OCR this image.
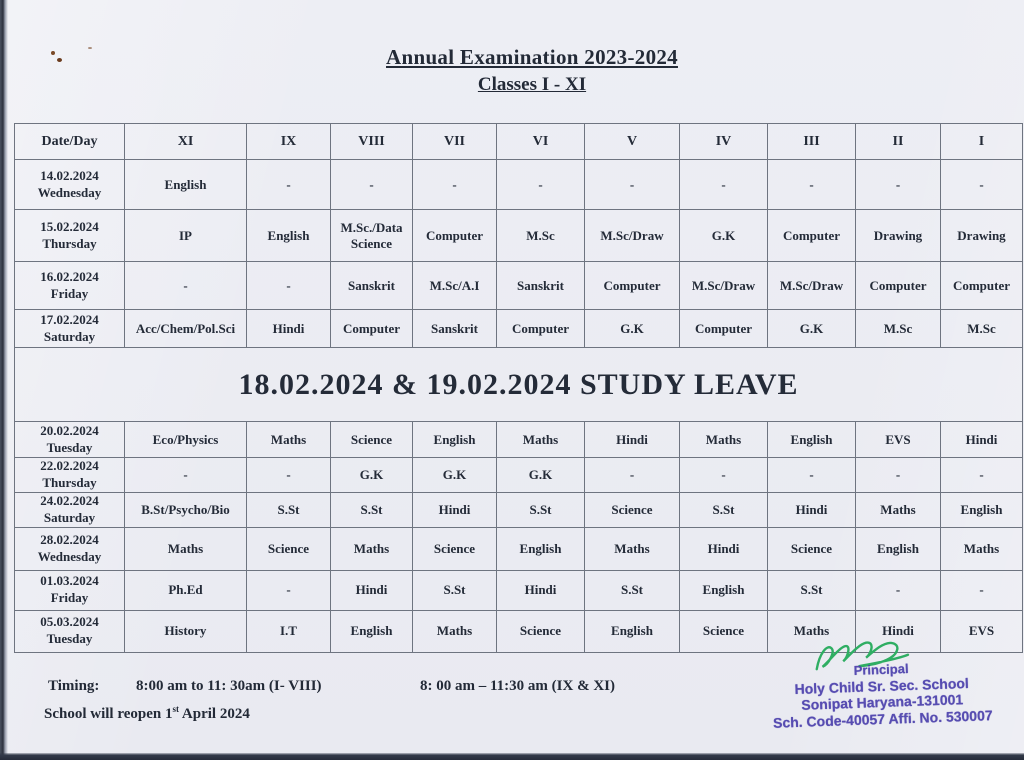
Annual Examination 2023-2024
Classes I - XI
Date/Day	XI	IX	VIII	VII	VI	V	IV	III	II	I

14.02.2024
Wednesday	English	-	-	-	-	-	-	-	-	-

15.02.2024
Thursday	IP	English	M.Sc./Data Science	Computer	M.Sc	M.Sc/Draw	G.K	Computer	Drawing	Drawing

16.02.2024
Friday	-	-	Sanskrit	M.Sc/A.I	Sanskrit	Computer	M.Sc/Draw	M.Sc/Draw	Computer	Computer

17.02.2024
Saturday	Acc/Chem/Pol.Sci	Hindi	Computer	Sanskrit	Computer	G.K	Computer	G.K	M.Sc	M.Sc
18.02.2024 & 19.02.2024 STUDY LEAVE										

20.02.2024
Tuesday	Eco/Physics	Maths	Science	English	Maths	Hindi	Maths	English	EVS	Hindi

22.02.2024
Thursday	-	-	G.K	G.K	G.K	-	-	-	-	-

24.02.2024
Saturday	B.St/Psycho/Bio	S.St	S.St	Hindi	S.St	Science	S.St	Hindi	Maths	English

28.02.2024
Wednesday	Maths	Science	Maths	Science	English	Maths	Hindi	Science	English	Maths

01.03.2024
Friday	Ph.Ed	-	Hindi	S.St	Hindi	S.St	English	S.St	-	-

05.03.2024
Tuesday	History	I.T	English	Maths	Science	English	Science	Maths	Hindi	EVS
Timing: 8:00 am to 11: 30am (I- VIII)	8: 00 am – 11:30 am (IX & XI)
School will reopen 1st April 2024
Principal
Holy Child Sr. Sec. School
Sonipat Haryana-131001
Sch. Code-40057 Affi. No. 530007
